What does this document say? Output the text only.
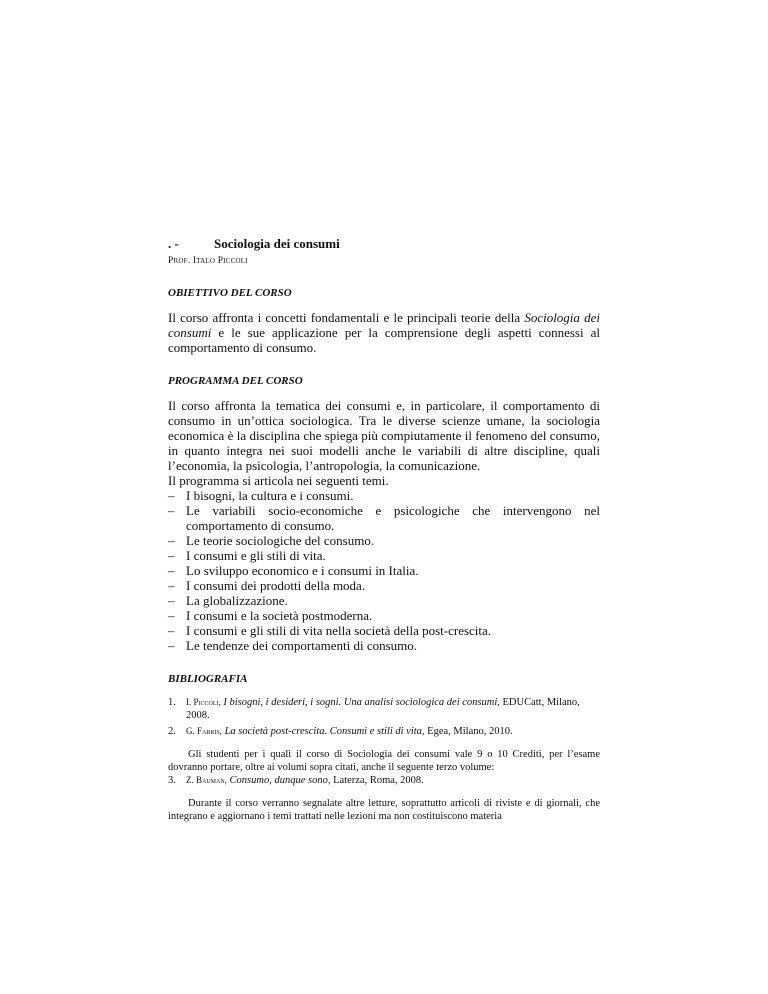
. -	Sociologia dei consumi
Prof. Italo Piccoli
OBIETTIVO DEL CORSO

Il corso affronta i concetti fondamentali e le principali teorie della Sociologia dei consumi e le sue applicazione per la comprensione degli aspetti connessi al comportamento di consumo.

PROGRAMMA DEL CORSO

Il corso affronta la tematica dei consumi e, in particolare, il comportamento di consumo in un’ottica sociologica. Tra le diverse scienze umane, la sociologia economica è la disciplina che spiega più compiutamente il fenomeno del consumo, in quanto integra nei suoi modelli anche le variabili di altre discipline, quali l’economia, la psicologia, l’antropologia, la comunicazione.

Il programma si articola nei seguenti temi.

– I bisogni, la cultura e i consumi.
– Le variabili socio-economiche e psicologiche che intervengono nel comportamento di consumo.
– Le teorie sociologiche del consumo.
– I consumi e gli stili di vita.
– Lo sviluppo economico e i consumi in Italia.
– I consumi dei prodotti della moda.
– La globalizzazione.
– I consumi e la società postmoderna.
– I consumi e gli stili di vita nella società della post-crescita.
– Le tendenze dei comportamenti di consumo.
BIBLIOGRAFIA
1. I. Piccoli, I bisogni, i desideri, i sogni. Una analisi sociologica dei consumi, EDUCatt, Milano, 2008.
2. G. Fabris, La società post-crescita. Consumi e stili di vita, Egea, Milano, 2010.

Gli studenti per i quali il corso di Sociologia dei consumi vale 9 o 10 Crediti, per l’esame dovranno portare, oltre ai volumi sopra citati, anche il seguente terzo volume:

3. Z. Bauman, Consumo, dunque sono, Laterza, Roma, 2008.

Durante il corso verranno segnalate altre letture, soprattutto articoli di riviste e di giornali, che integrano e aggiornano i temi trattati nelle lezioni ma non costituiscono materia
